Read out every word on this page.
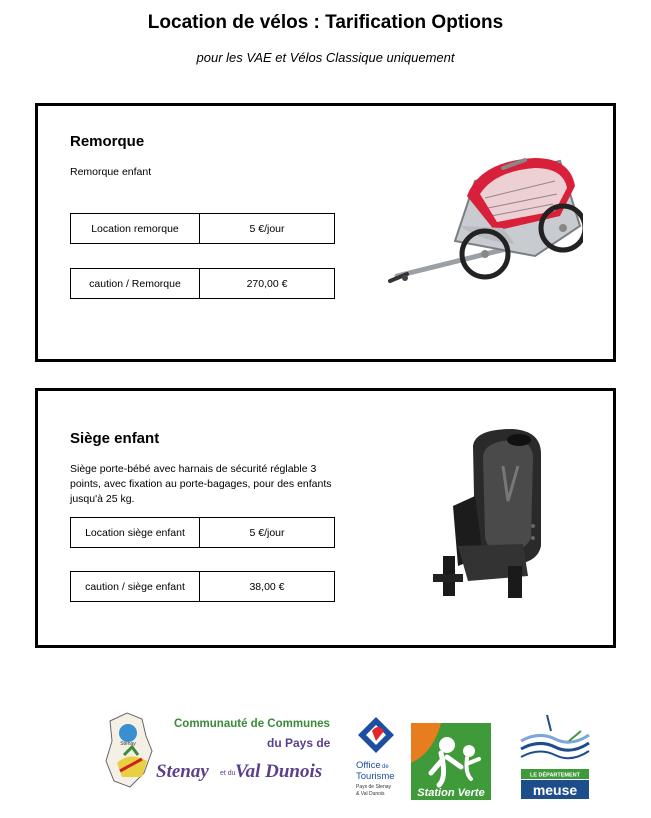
Location de vélos : Tarification Options
pour les VAE et Vélos Classique uniquement
Remorque
Remorque enfant
Location remorque	5 €/jour
caution / Remorque	270,00 €
Siège enfant
Siège porte-bébé avec harnais de sécurité réglable 3 points, avec fixation au porte-bagages, pour des enfants jusqu'à 25 kg.
Location siège enfant	5 €/jour
caution / siège enfant	38,00 €
Stenay
Communauté de Communes
du Pays de
Stenay et du Val Dunois	Office de
Tourisme
Pays de Stenay
& Val Dunois	Station Verte
LE DÉPARTEMENT
meuse
